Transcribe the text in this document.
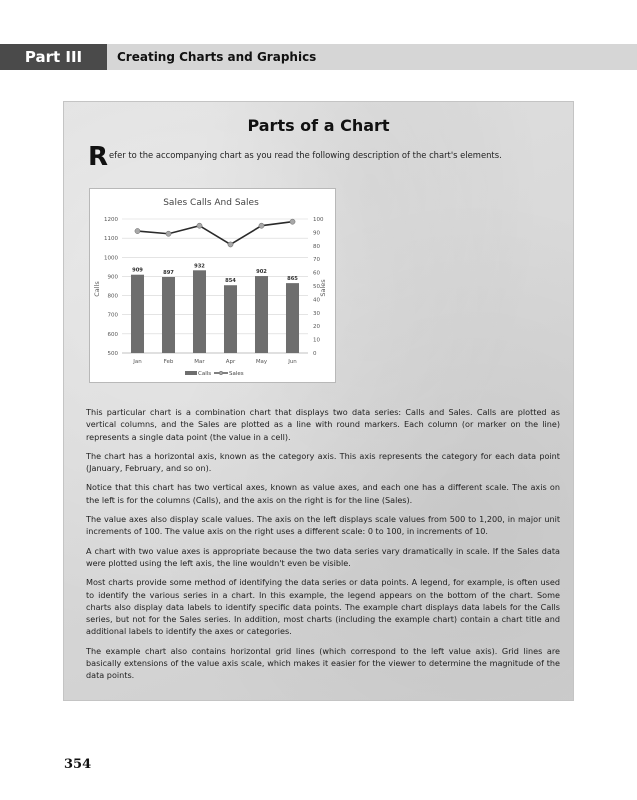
Part III	Creating Charts and Graphics
Parts of a Chart
R efer to the accompanying chart as you read the following description of the chart's elements.
Sales Calls And Sales
500
600
700
800
900
1000
1100
1200
0
10
20
30
40
50
60
70
80
90
100
909	897
932
854
902
865
Jan	Feb	Mar	Apr	May	Jun
Calls	Sales
Calls	Sales

This particular chart is a combination chart that displays two data series: Calls and Sales. Calls are plotted as vertical columns, and the Sales are plotted as a line with round markers. Each column (or marker on the line) represents a single data point (the value in a cell).

The chart has a horizontal axis, known as the category axis. This axis represents the category for each data point (January, February, and so on).

Notice that this chart has two vertical axes, known as value axes, and each one has a different scale. The axis on the left is for the columns (Calls), and the axis on the right is for the line (Sales).

The value axes also display scale values. The axis on the left displays scale values from 500 to 1,200, in major unit increments of 100. The value axis on the right uses a different scale: 0 to 100, in increments of 10.

A chart with two value axes is appropriate because the two data series vary dramatically in scale. If the Sales data were plotted using the left axis, the line wouldn't even be visible.

Most charts provide some method of identifying the data series or data points. A legend, for example, is often used to identify the various series in a chart. In this example, the legend appears on the bottom of the chart. Some charts also display data labels to identify specific data points. The example chart displays data labels for the Calls series, but not for the Sales series. In addition, most charts (including the example chart) contain a chart title and additional labels to identify the axes or categories.

The example chart also contains horizontal grid lines (which correspond to the left value axis). Grid lines are basically extensions of the value axis scale, which makes it easier for the viewer to determine the magnitude of the data points.

354
